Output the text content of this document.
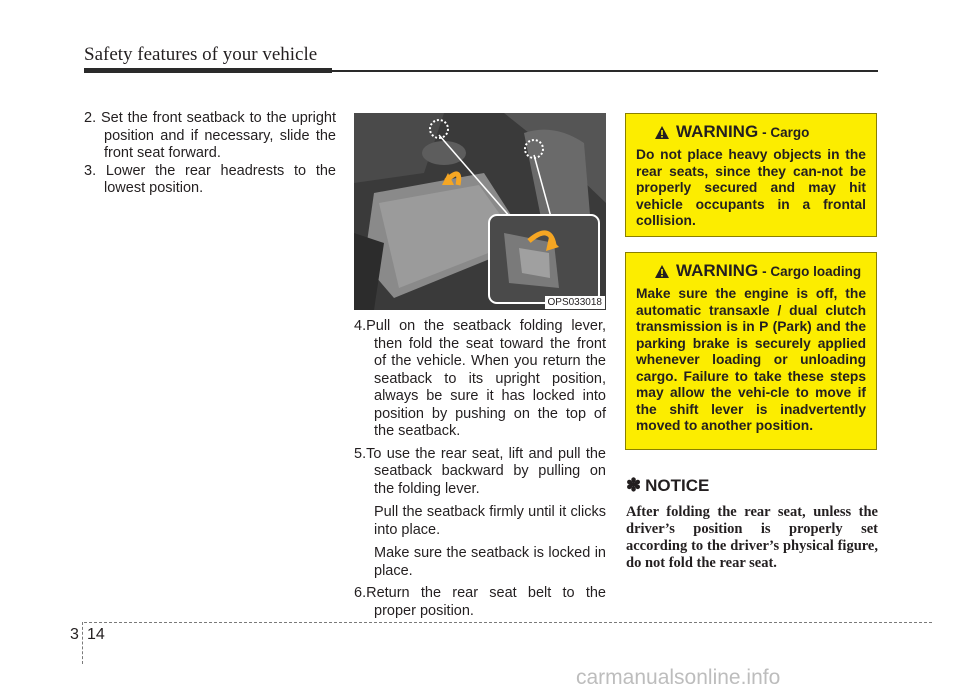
Safety features of your vehicle

2. Set the front seatback to the upright position and if necessary, slide the front seat forward.

3. Lower the rear headrests to the lowest position.

OPS033018

4.Pull on the seatback folding lever, then fold the seat toward the front of the vehicle. When you return the seatback to its upright position, always be sure it has locked into position by pushing on the top of the seatback.

5.To use the rear seat, lift and pull the seatback backward by pulling on the folding lever.

Pull the seatback firmly until it clicks into place.

Make sure the seatback is locked in place.

6.Return the rear seat belt to the proper position.

WARNING - Cargo
Do not place heavy objects in the rear seats, since they can-not be properly secured and may hit vehicle occupants in a frontal collision.
WARNING - Cargo loading
Make sure the engine is off, the automatic transaxle / dual clutch transmission is in P (Park) and the parking brake is securely applied whenever loading or unloading cargo. Failure to take these steps may allow the vehi-cle to move if the shift lever is inadvertently moved to another position.
✽ NOTICE
After folding the rear seat, unless the driver’s position is properly set according to the driver’s physical figure, do not fold the rear seat.
3 14
carmanualsonline.info
